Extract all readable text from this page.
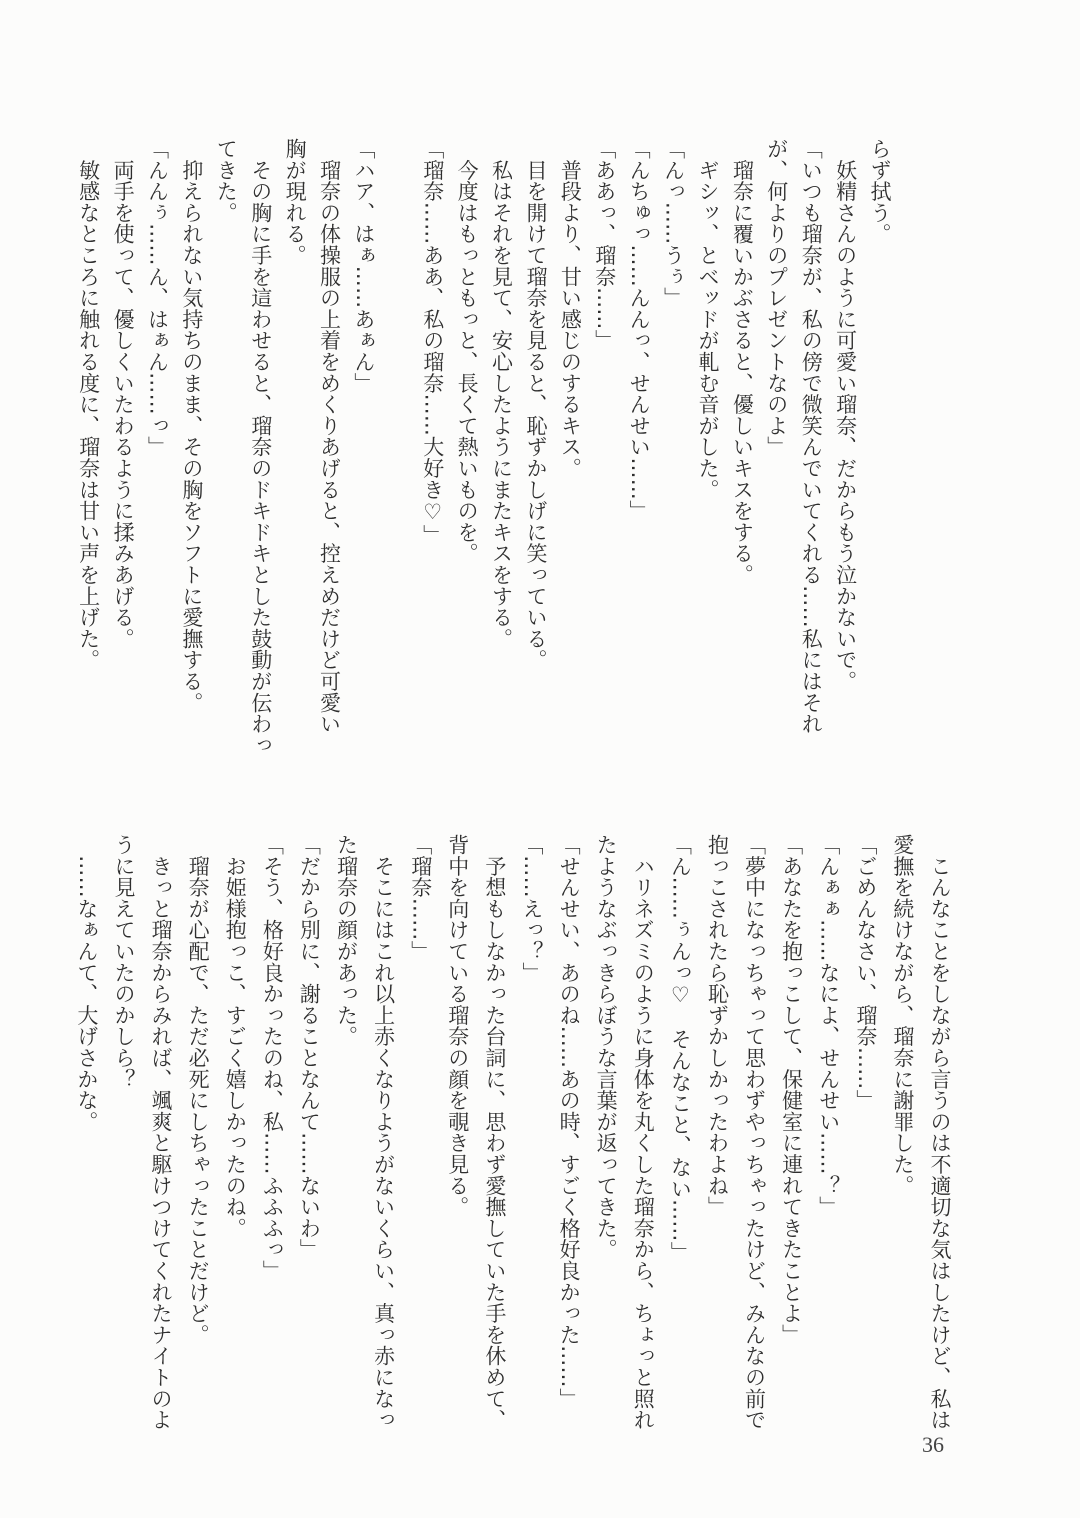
らず拭う。
　妖精さんのように可愛い瑠奈、だからもう泣かないで。
「いつも瑠奈が、私の傍で微笑んでいてくれる……私にはそれ
が、何よりのプレゼントなのよ」
　瑠奈に覆いかぶさると、優しいキスをする。
　ギシッ、とベッドが軋む音がした。
「んっ……うぅ」
「んちゅっ……んんっ、せんせい……」
「ああっ、瑠奈……」
　普段より、甘い感じのするキス。
　目を開けて瑠奈を見ると、恥ずかしげに笑っている。
　私はそれを見て、安心したようにまたキスをする。
　今度はもっともっと、長くて熱いものを。
「瑠奈……ああ、私の瑠奈……大好き♡」

「ハア、はぁ……あぁん」
　瑠奈の体操服の上着をめくりあげると、控えめだけど可愛い
胸が現れる。
　その胸に手を這わせると、瑠奈のドキドキとした鼓動が伝わっ
てきた。
　抑えられない気持ちのまま、その胸をソフトに愛撫する。
「んんぅ……ん、はぁん……っ」
　両手を使って、優しくいたわるように揉みあげる。
　敏感なところに触れる度に、瑠奈は甘い声を上げた。
　こんなことをしながら言うのは不適切な気はしたけど、私は
愛撫を続けながら、瑠奈に謝罪した。
「ごめんなさい、瑠奈……」
「んぁぁ……なによ、せんせい……？」
「あなたを抱っこして、保健室に連れてきたことよ」
「夢中になっちゃって思わずやっちゃったけど、みんなの前で
抱っこされたら恥ずかしかったわよね」
「ん……ぅんっ♡　そんなこと、ない……」
　ハリネズミのように身体を丸くした瑠奈から、ちょっと照れ
たようなぶっきらぼうな言葉が返ってきた。
「せんせい、あのね……あの時、すごく格好良かった……」
「……えっ？」
　予想もしなかった台詞に、思わず愛撫していた手を休めて、
背中を向けている瑠奈の顔を覗き見る。
「瑠奈……」
　そこにはこれ以上赤くなりようがないくらい、真っ赤になっ
た瑠奈の顔があった。
「だから別に、謝ることなんて……ないわ」
「そう、格好良かったのね、私……ふふふっ」
　お姫様抱っこ、すごく嬉しかったのね。
　瑠奈が心配で、ただ必死にしちゃったことだけど。
　きっと瑠奈からみれば、颯爽と駆けつけてくれたナイトのよ
うに見えていたのかしら？
　……なぁんて、大げさかな。
36
